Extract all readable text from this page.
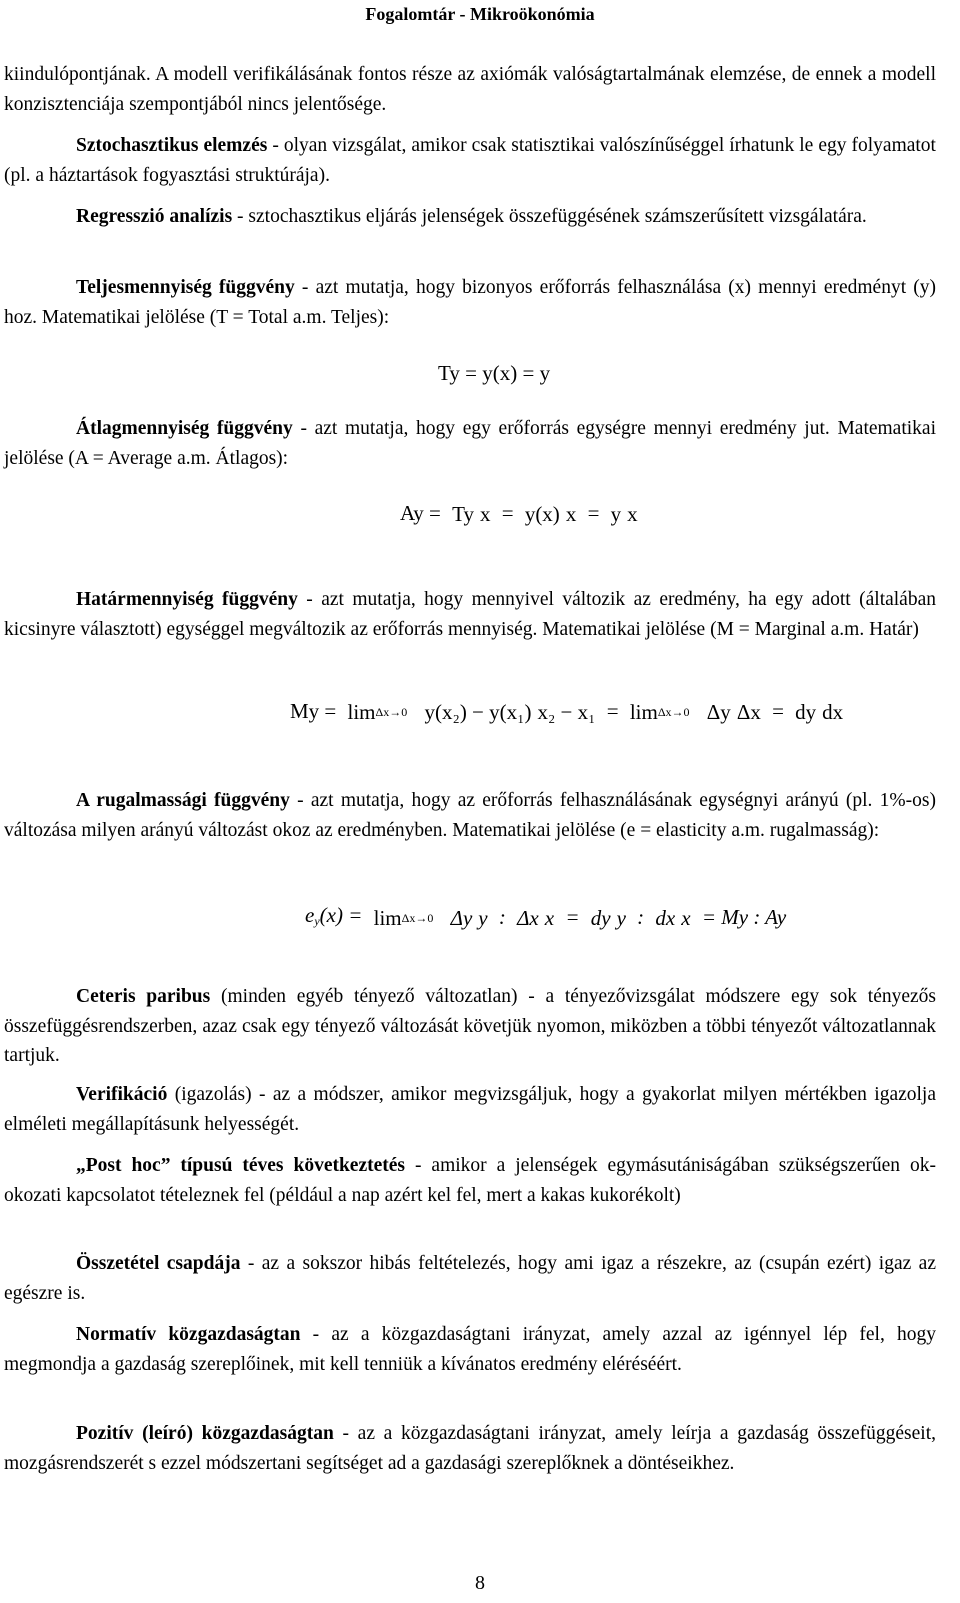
Fogalomtár - Mikroökonómia
kiindulópontjának. A modell verifikálásának fontos része az axiómák valóságtartalmának elemzése, de ennek a modell konzisztenciája szempontjából nincs jelentősége.
Sztochasztikus elemzés - olyan vizsgálat, amikor csak statisztikai valószínűséggel írhatunk le egy folyamatot (pl. a háztartások fogyasztási struktúrája).
Regresszió analízis - sztochasztikus eljárás jelenségek összefüggésének számszerűsített vizsgálatára.
Teljesmennyiség függvény - azt mutatja, hogy bizonyos erőforrás felhasználása (x) mennyi eredményt (y) hoz. Matematikai jelölése (T = Total a.m. Teljes):
Ty = y(x) = y
Átlagmennyiség függvény - azt mutatja, hogy egy erőforrás egységre mennyi eredmény jut. Matematikai jelölése (A = Average a.m. Átlagos):
Ay = Ty x = y(x) x = y x
Határmennyiség függvény - azt mutatja, hogy mennyivel változik az eredmény, ha egy adott (általában kicsinyre választott) egységgel megváltozik az erőforrás mennyiség. Matematikai jelölése (M = Marginal a.m. Határ)
My = limΔx→0 y(x₂) − y(x₁) x₂ − x₁ = limΔx→0 Δy Δx = dy dx
A rugalmassági függvény - azt mutatja, hogy az erőforrás felhasználásának egységnyi arányú (pl. 1%-os) változása milyen arányú változást okoz az eredményben. Matematikai jelölése (e = elasticity a.m. rugalmasság):
$e_y(x) = \lim\Delta x\to 0$ Δy y : Δx x = dy y : dx x = My : Ay
Ceteris paribus (minden egyéb tényező változatlan) - a tényezővizsgálat módszere egy sok tényezős összefüggésrendszerben, azaz csak egy tényező változását követjük nyomon, miközben a többi tényezőt változatlannak tartjuk.
Verifikáció (igazolás) - az a módszer, amikor megvizsgáljuk, hogy a gyakorlat milyen mértékben igazolja elméleti megállapításunk helyességét.
„Post hoc” típusú téves következtetés - amikor a jelenségek egymásutániságában szükségszerűen ok-okozati kapcsolatot tételeznek fel (például a nap azért kel fel, mert a kakas kukorékolt)
Összetétel csapdája - az a sokszor hibás feltételezés, hogy ami igaz a részekre, az (csupán ezért) igaz az egészre is.
Normatív közgazdaságtan - az a közgazdaságtani irányzat, amely azzal az igénnyel lép fel, hogy megmondja a gazdaság szereplőinek, mit kell tenniük a kívánatos eredmény eléréséért.
Pozitív (leíró) közgazdaságtan - az a közgazdaságtani irányzat, amely leírja a gazdaság összefüggéseit, mozgásrendszerét s ezzel módszertani segítséget ad a gazdasági szereplőknek a döntéseikhez.
8
